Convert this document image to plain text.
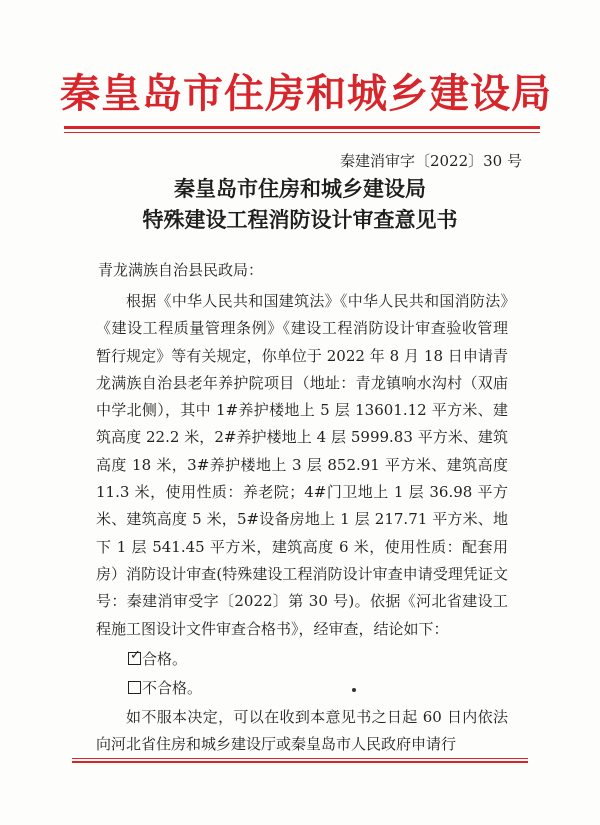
秦皇岛市住房和城乡建设局
秦建消审字〔2022〕30 号
秦皇岛市住房和城乡建设局
特殊建设工程消防设计审查意见书
青龙满族自治县民政局：
根据《中华人民共和国建筑法》《中华人民共和国消防法》《建设工程质量管理条例》《建设工程消防设计审查验收管理暂行规定》等有关规定，你单位于 2022 年 8 月 18 日申请青龙满族自治县老年养护院项目（地址：青龙镇响水沟村（双庙中学北侧），其中 1#养护楼地上 5 层 13601.12 平方米、建筑高度 22.2 米，2#养护楼地上 4 层 5999.83 平方米、建筑高度 18 米，3#养护楼地上 3 层 852.91 平方米、建筑高度 11.3 米，使用性质：养老院；4#门卫地上 1 层 36.98 平方米、建筑高度 5 米，5#设备房地上 1 层 217.71 平方米、地下 1 层 541.45 平方米，建筑高度 6 米，使用性质：配套用房）消防设计审查(特殊建设工程消防设计审查申请受理凭证文号：秦建消审受字〔2022〕第 30 号)。依据《河北省建设工程施工图设计文件审查合格书》，经审查，结论如下：
✓ 合格。
不合格。
如不服本决定，可以在收到本意见书之日起 60 日内依法向河北省住房和城乡建设厅或秦皇岛市人民政府申请行
